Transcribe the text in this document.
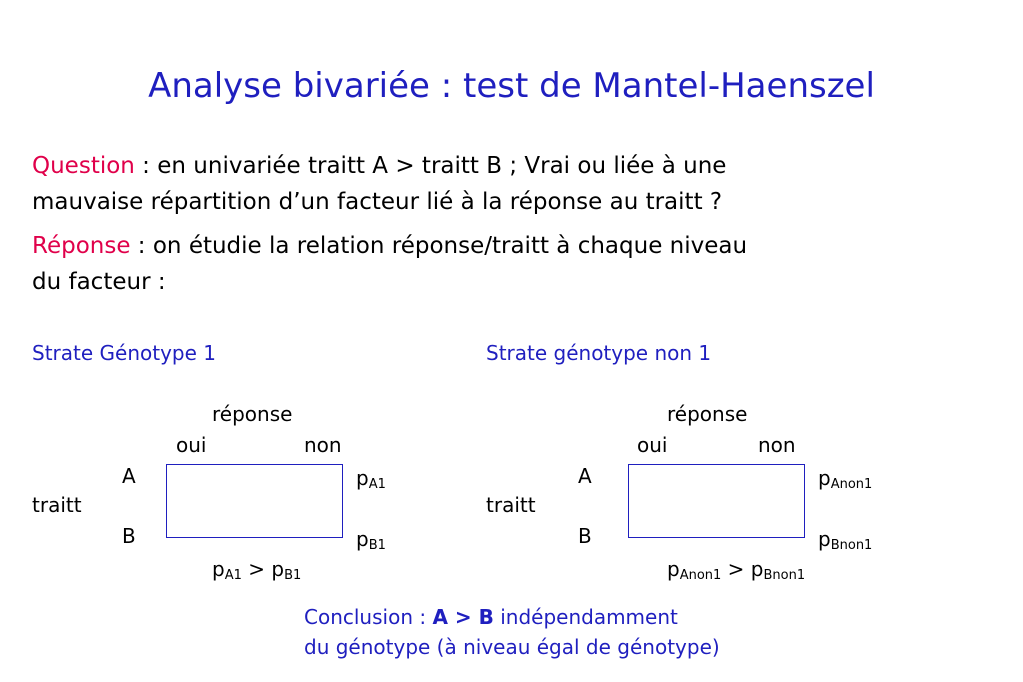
Analyse bivariée : test de Mantel-Haenszel
Question : en univariée traitt A > traitt B ; Vrai ou liée à une
mauvaise répartition d’un facteur lié à la réponse au traitt ?
Réponse : on étudie la relation réponse/traitt à chaque niveau
du facteur :
Strate Génotype 1
réponse
oui	non
A
traitt
B
$p_{A1}$
$p_{B1}$
$p_{A1} > p_{B1}$
Strate génotype non 1
réponse
oui	non
A
traitt
B
$p_{Anon1}$
$p_{Bnon1}$
$p_{Anon1} > p_{Bnon1}$
Conclusion : A > B indépendamment
du génotype (à niveau égal de génotype)
